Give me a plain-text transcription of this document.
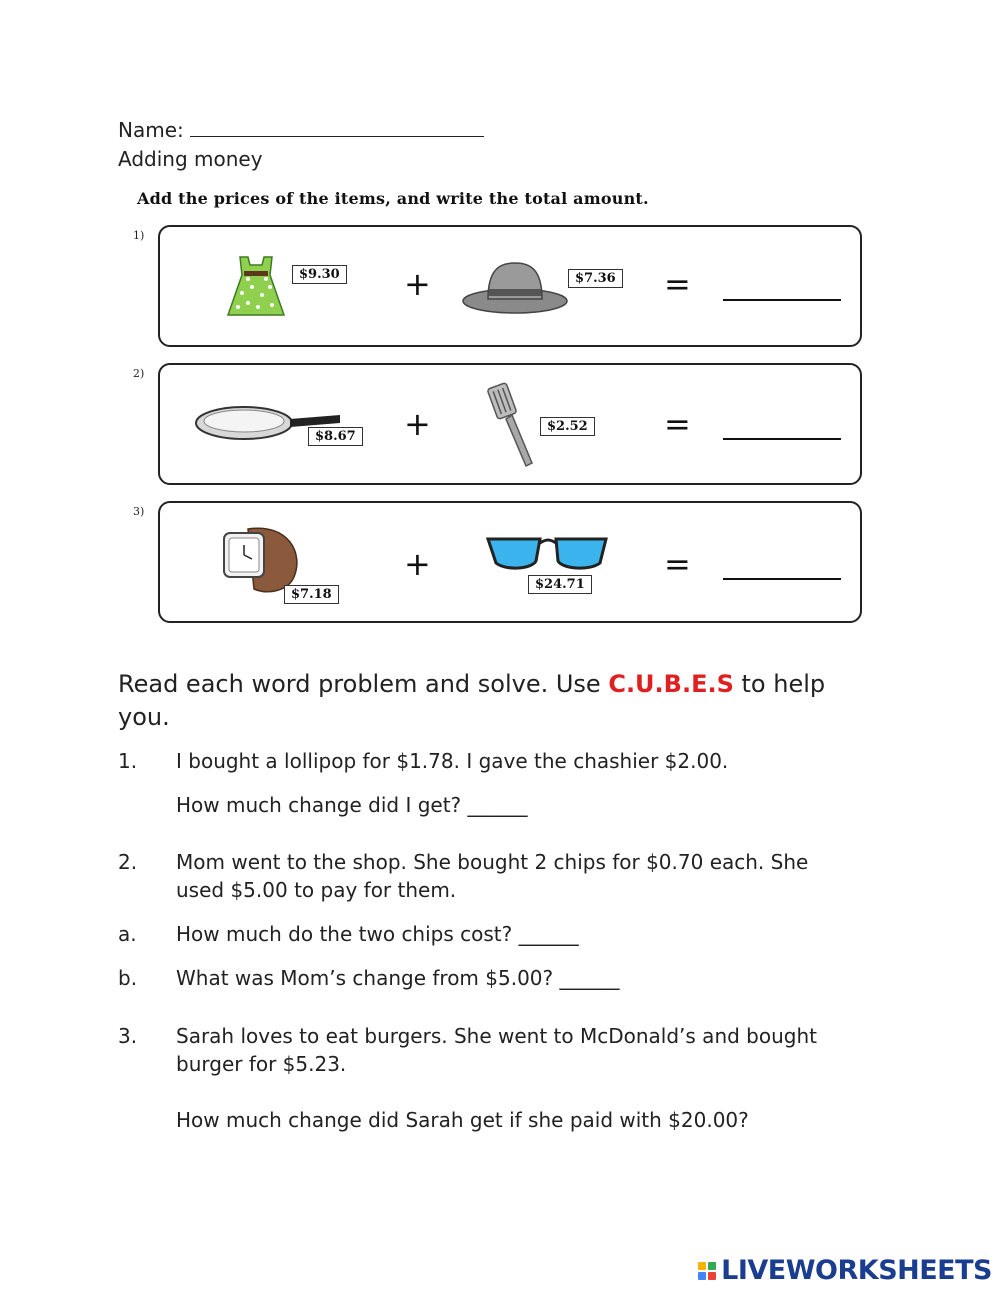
Name:
Adding money
Add the prices of the items, and write the total amount.
1)
$9.30 +	$7.36 =
2)
$8.67 +	$2.52 =
3)
$7.18
+
$24.71
=
Read each word problem and solve. Use C.U.B.E.S to help you.
1. I bought a lollipop for $1.78. I gave the chashier $2.00.
How much change did I get? ______
2. Mom went to the shop. She bought 2 chips for $0.70 each. She used $5.00 to pay for them.
a. How much do the two chips cost? ______
b. What was Mom’s change from $5.00? ______
3. Sarah loves to eat burgers. She went to McDonald’s and bought burger for $5.23.
How much change did Sarah get if she paid with $20.00?
LIVEWORKSHEETS
